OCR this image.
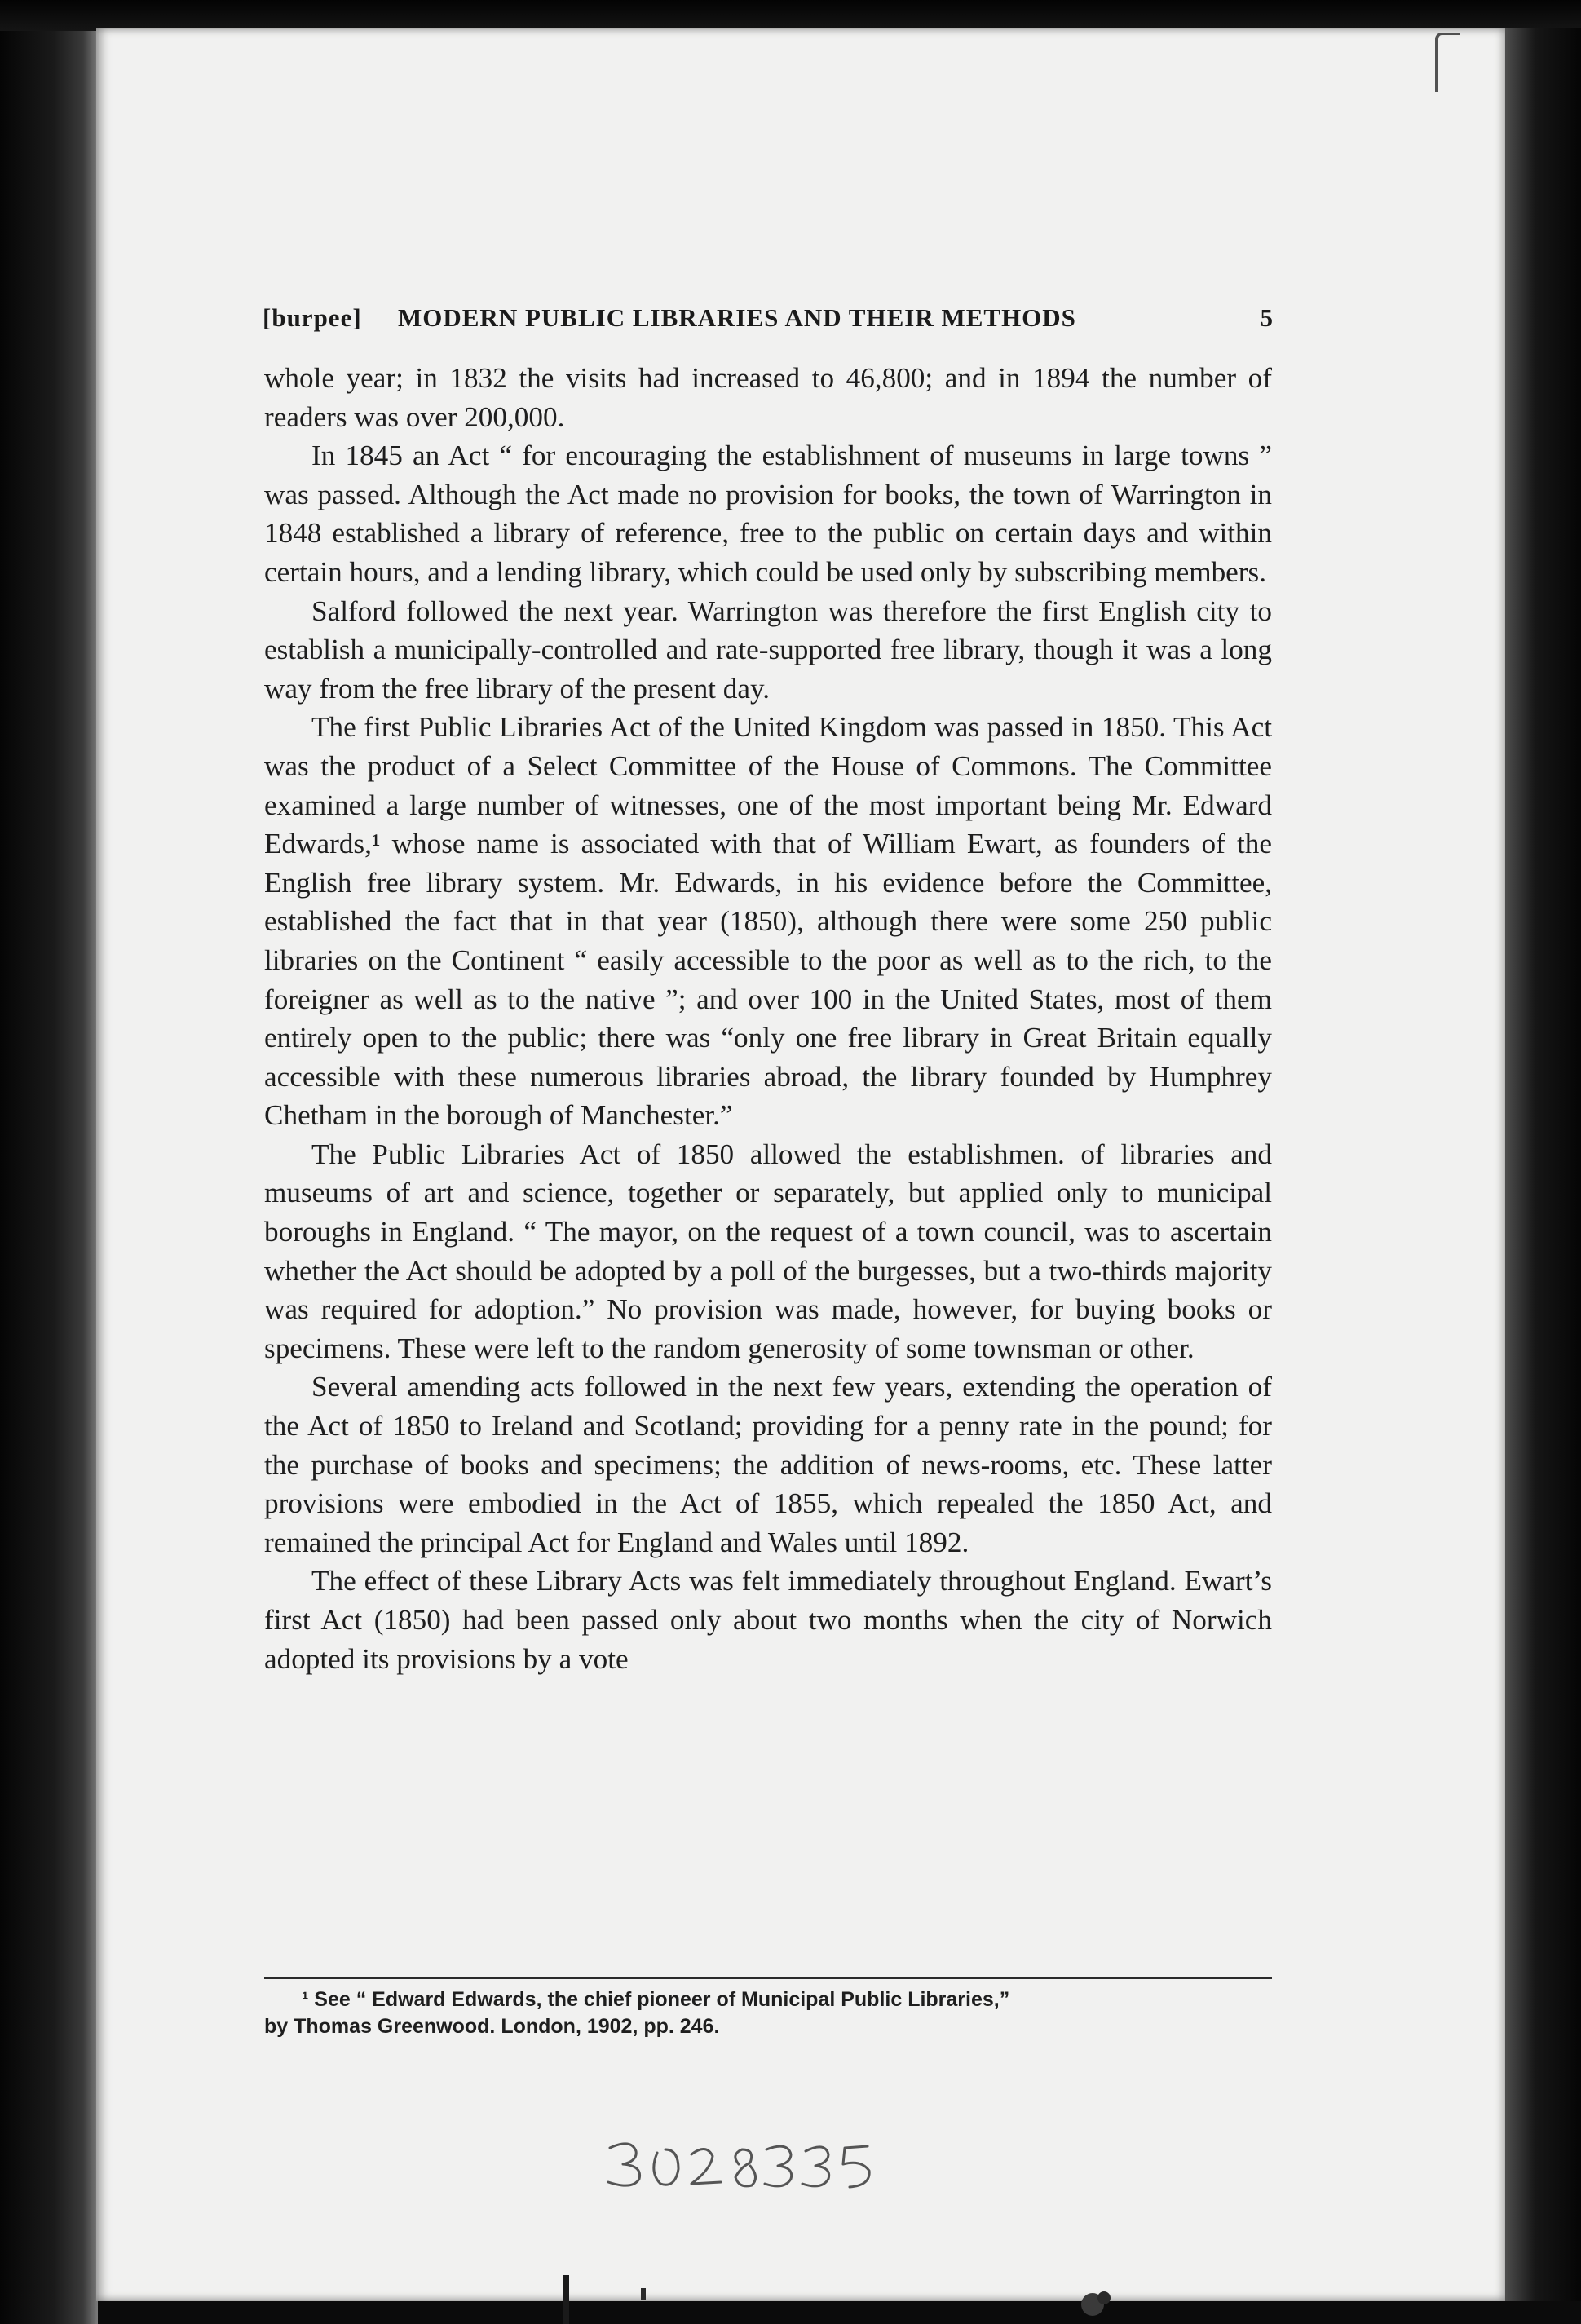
[burpee] MODERN PUBLIC LIBRARIES AND THEIR METHODS	5

whole year; in 1832 the visits had increased to 46,800; and in 1894 the number of readers was over 200,000.

In 1845 an Act “ for encouraging the establishment of museums in large towns ” was passed. Although the Act made no provision for books, the town of Warrington in 1848 established a library of reference, free to the public on certain days and within certain hours, and a lending library, which could be used only by subscribing members.

Salford followed the next year. Warrington was therefore the first English city to establish a municipally-controlled and rate-supported free library, though it was a long way from the free library of the present day.

The first Public Libraries Act of the United Kingdom was passed in 1850. This Act was the product of a Select Committee of the House of Commons. The Committee examined a large number of witnesses, one of the most important being Mr. Edward Edwards,¹ whose name is associated with that of William Ewart, as founders of the English free library system. Mr. Edwards, in his evidence before the Committee, established the fact that in that year (1850), although there were some 250 public libraries on the Continent “ easily accessible to the poor as well as to the rich, to the foreigner as well as to the native ”; and over 100 in the United States, most of them entirely open to the public; there was “only one free library in Great Britain equally accessible with these numerous libraries abroad, the library founded by Humphrey Chetham in the borough of Manchester.”

The Public Libraries Act of 1850 allowed the establishmen. of libraries and museums of art and science, together or separately, but applied only to municipal boroughs in England. “ The mayor, on the request of a town council, was to ascertain whether the Act should be adopted by a poll of the burgesses, but a two-thirds majority was required for adoption.” No provision was made, however, for buying books or specimens. These were left to the random generosity of some townsman or other.

Several amending acts followed in the next few years, extending the operation of the Act of 1850 to Ireland and Scotland; providing for a penny rate in the pound; for the purchase of books and specimens; the addition of news-rooms, etc. These latter provisions were embodied in the Act of 1855, which repealed the 1850 Act, and remained the principal Act for England and Wales until 1892.

The effect of these Library Acts was felt immediately throughout England. Ewart’s first Act (1850) had been passed only about two months when the city of Norwich adopted its provisions by a vote

¹ See “ Edward Edwards, the chief pioneer of Municipal Public Libraries,”
by Thomas Greenwood. London, 1902, pp. 246.
